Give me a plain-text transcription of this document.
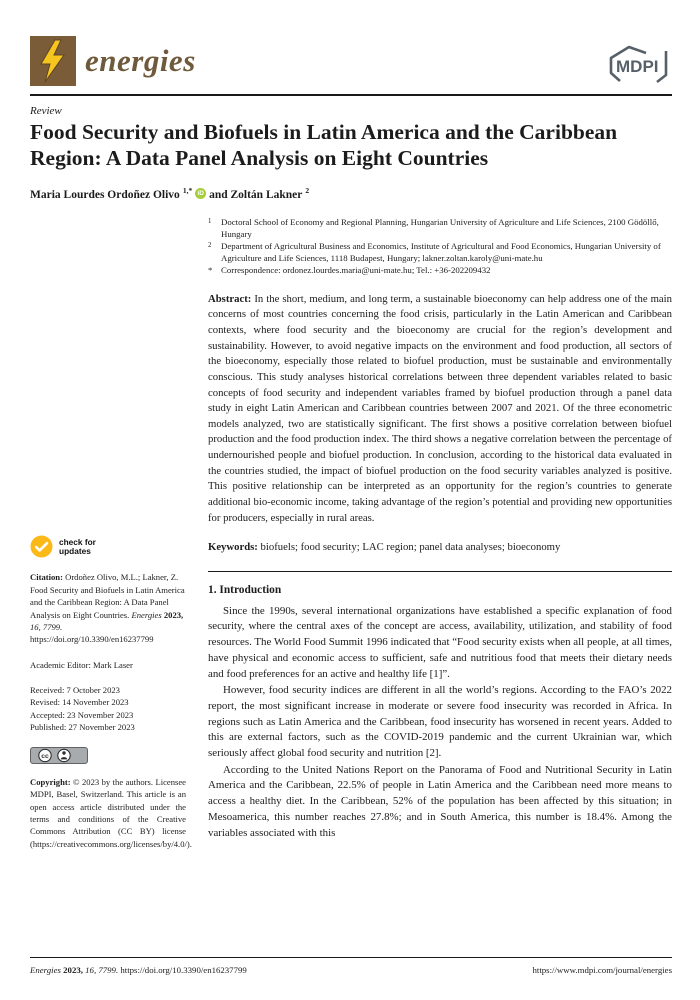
energies	MDPI
Review
Food Security and Biofuels in Latin America and the Caribbean Region: A Data Panel Analysis on Eight Countries
Maria Lourdes Ordoñez Olivo $^{1,*}$ iD and Zoltán Lakner $^2$
check for
updates
Citation: Ordoñez Olivo, M.L.; Lakner, Z. Food Security and Biofuels in Latin America and the Caribbean Region: A Data Panel Analysis on Eight Countries. Energies 2023, 16, 7799. https://doi.org/10.3390/en16237799
Academic Editor: Mark Laser
Received: 7 October 2023
Revised: 14 November 2023
Accepted: 23 November 2023
Published: 27 November 2023
cc
Copyright: © 2023 by the authors. Licensee MDPI, Basel, Switzerland. This article is an open access article distributed under the terms and conditions of the Creative Commons Attribution (CC BY) license (https://creativecommons.org/licenses/by/4.0/).
1	Doctoral School of Economy and Regional Planning, Hungarian University of Agriculture and Life Sciences, 2100 Gödöllő, Hungary
2	Department of Agricultural Business and Economics, Institute of Agricultural and Food Economics, Hungarian University of Agriculture and Life Sciences, 1118 Budapest, Hungary; lakner.zoltan.karoly@uni-mate.hu
* Correspondence: ordonez.lourdes.maria@uni-mate.hu; Tel.: +36-202209432

Abstract: In the short, medium, and long term, a sustainable bioeconomy can help address one of the main concerns of most countries concerning the food crisis, particularly in the Latin American and Caribbean contexts, where food security and the bioeconomy are crucial for the region’s development and sustainability. However, to avoid negative impacts on the environment and food production, all sectors of the bioeconomy, especially those related to biofuel production, must be sustainable and environmentally conscious. This study analyses historical correlations between three dependent variables related to basic concepts of food security and independent variables framed by biofuel production through a panel data study in eight Latin American and Caribbean countries between 2007 and 2021. Of the three econometric models analyzed, two are statistically significant. The first shows a positive correlation between biofuel production and the food production index. The third shows a negative correlation between the percentage of undernourished people and biofuel production. In conclusion, according to the historical data evaluated in the countries studied, the impact of biofuel production on the food security variables analyzed is positive. This positive relationship can be interpreted as an opportunity for the region’s countries to generate additional bio-economic income, taking advantage of the region’s potential and providing new opportunities for producers, especially in rural areas.

Keywords: biofuels; food security; LAC region; panel data analyses; bioeconomy

1. Introduction

Since the 1990s, several international organizations have established a specific explanation of food security, where the central axes of the concept are access, availability, utilization, and stability of food resources. The World Food Summit 1996 indicated that “Food security exists when all people, at all times, have physical and economic access to sufficient, safe and nutritious food that meets their dietary needs and food preferences for an active and healthy life [1]”.

However, food security indices are different in all the world’s regions. According to the FAO’s 2022 report, the most significant increase in moderate or severe food insecurity was recorded in Africa. In regions such as Latin America and the Caribbean, food insecurity has worsened in recent years. Added to this are external factors, such as the COVID-2019 pandemic and the current Ukrainian war, which seriously affect global food security and nutrition [2].

According to the United Nations Report on the Panorama of Food and Nutritional Security in Latin America and the Caribbean, 22.5% of people in Latin America and the Caribbean need more means to access a healthy diet. In the Caribbean, 52% of the population has been affected by this situation; in Mesoamerica, this number reaches 27.8%; and in South America, this number is 18.4%. Among the variables associated with this

Energies 2023, 16, 7799. https://doi.org/10.3390/en16237799	https://www.mdpi.com/journal/energies
